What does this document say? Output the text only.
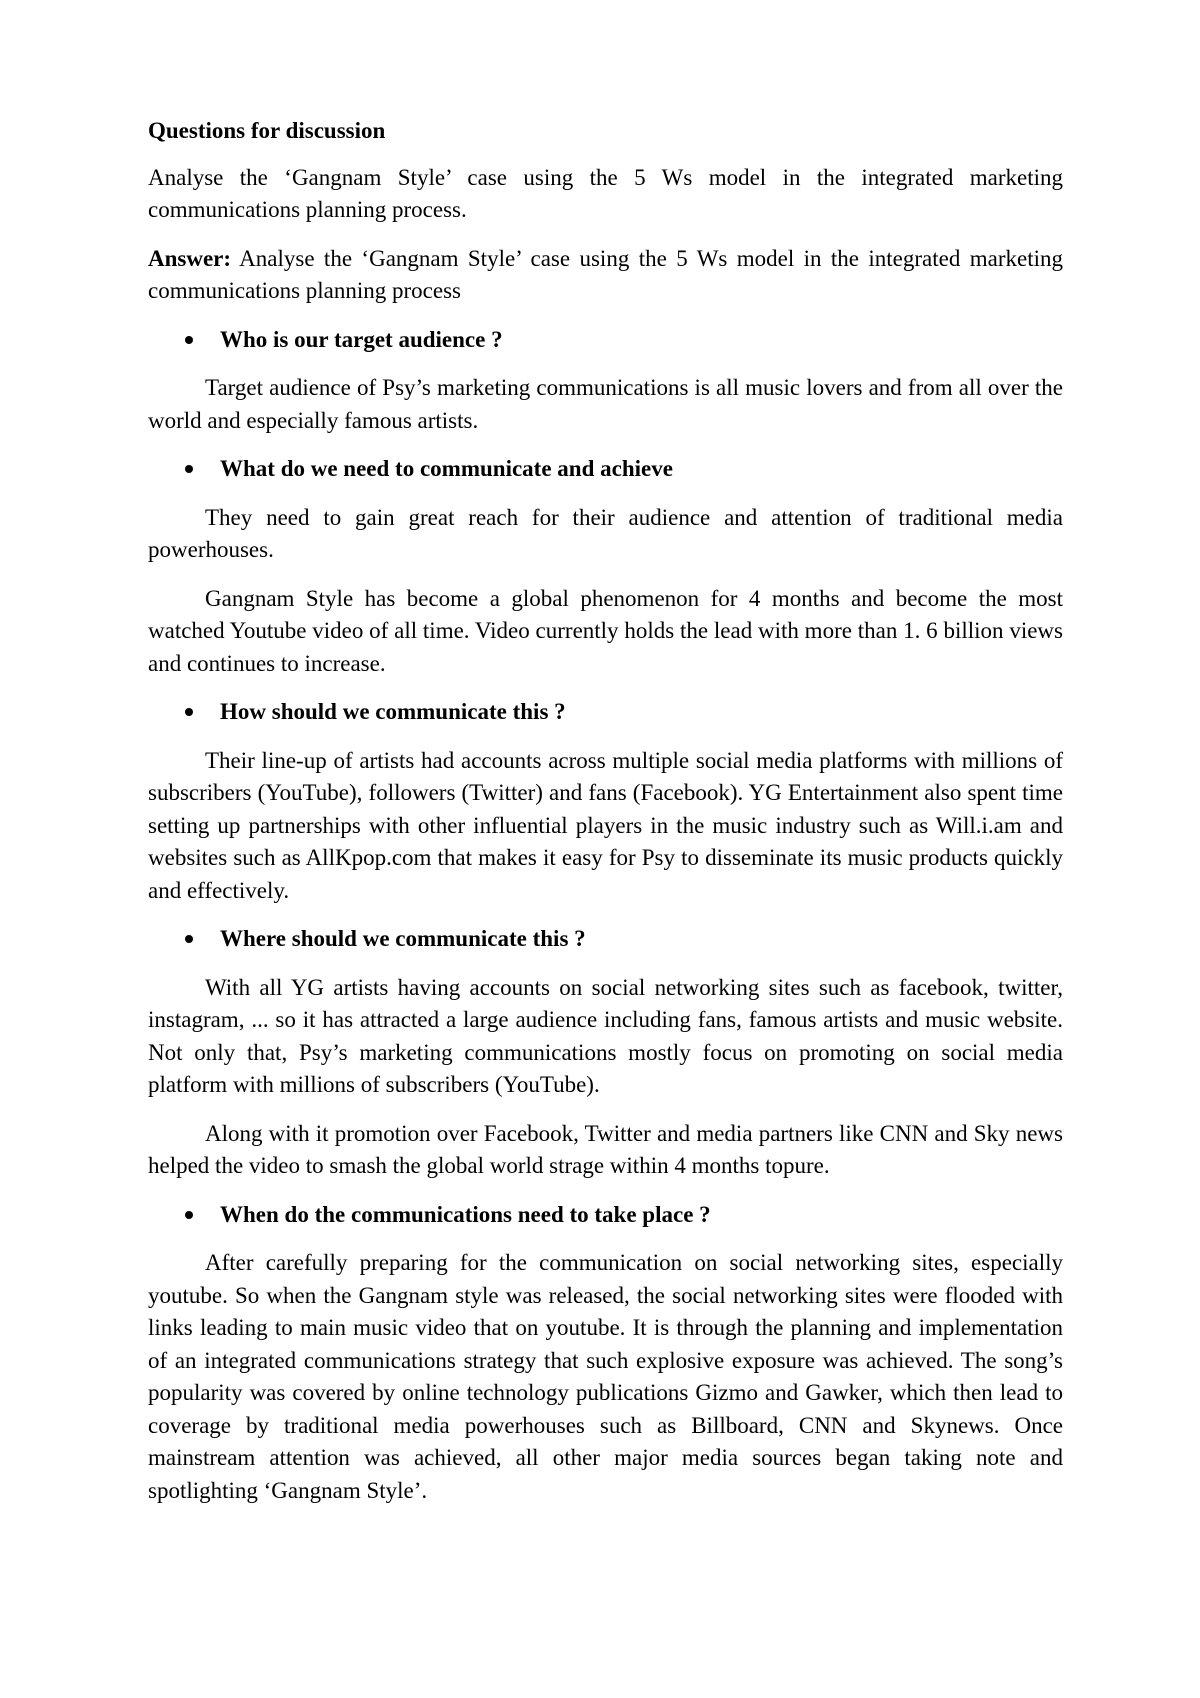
Questions for discussion

Analyse the ‘Gangnam Style’ case using the 5 Ws model in the integrated marketing communications planning process.

Answer: Analyse the ‘Gangnam Style’ case using the 5 Ws model in the integrated marketing communications planning process

Who is our target audience ?

Target audience of Psy’s marketing communications is all music lovers and from all over the world and especially famous artists.

What do we need to communicate and achieve

They need to gain great reach for their audience and attention of traditional media powerhouses.

Gangnam Style has become a global phenomenon for 4 months and become the most watched Youtube video of all time. Video currently holds the lead with more than 1. 6 billion views and continues to increase.

How should we communicate this ?

Their line-up of artists had accounts across multiple social media platforms with millions of subscribers (YouTube), followers (Twitter) and fans (Facebook). YG Entertainment also spent time setting up partnerships with other influential players in the music industry such as Will.i.am and websites such as AllKpop.com that makes it easy for Psy to disseminate its music products quickly and effectively.

Where should we communicate this ?

With all YG artists having accounts on social networking sites such as facebook, twitter, instagram, ... so it has attracted a large audience including fans, famous artists and music website. Not only that, Psy’s marketing communications mostly focus on promoting on social media platform with millions of subscribers (YouTube).

Along with it promotion over Facebook, Twitter and media partners like CNN and Sky news helped the video to smash the global world strage within 4 months topure.

When do the communications need to take place ?

After carefully preparing for the communication on social networking sites, especially youtube. So when the Gangnam style was released, the social networking sites were flooded with links leading to main music video that on youtube. It is through the planning and implementation of an integrated communications strategy that such explosive exposure was achieved. The song’s popularity was covered by online technology publications Gizmo and Gawker, which then lead to coverage by traditional media powerhouses such as Billboard, CNN and Skynews. Once mainstream attention was achieved, all other major media sources began taking note and spotlighting ‘Gangnam Style’.
